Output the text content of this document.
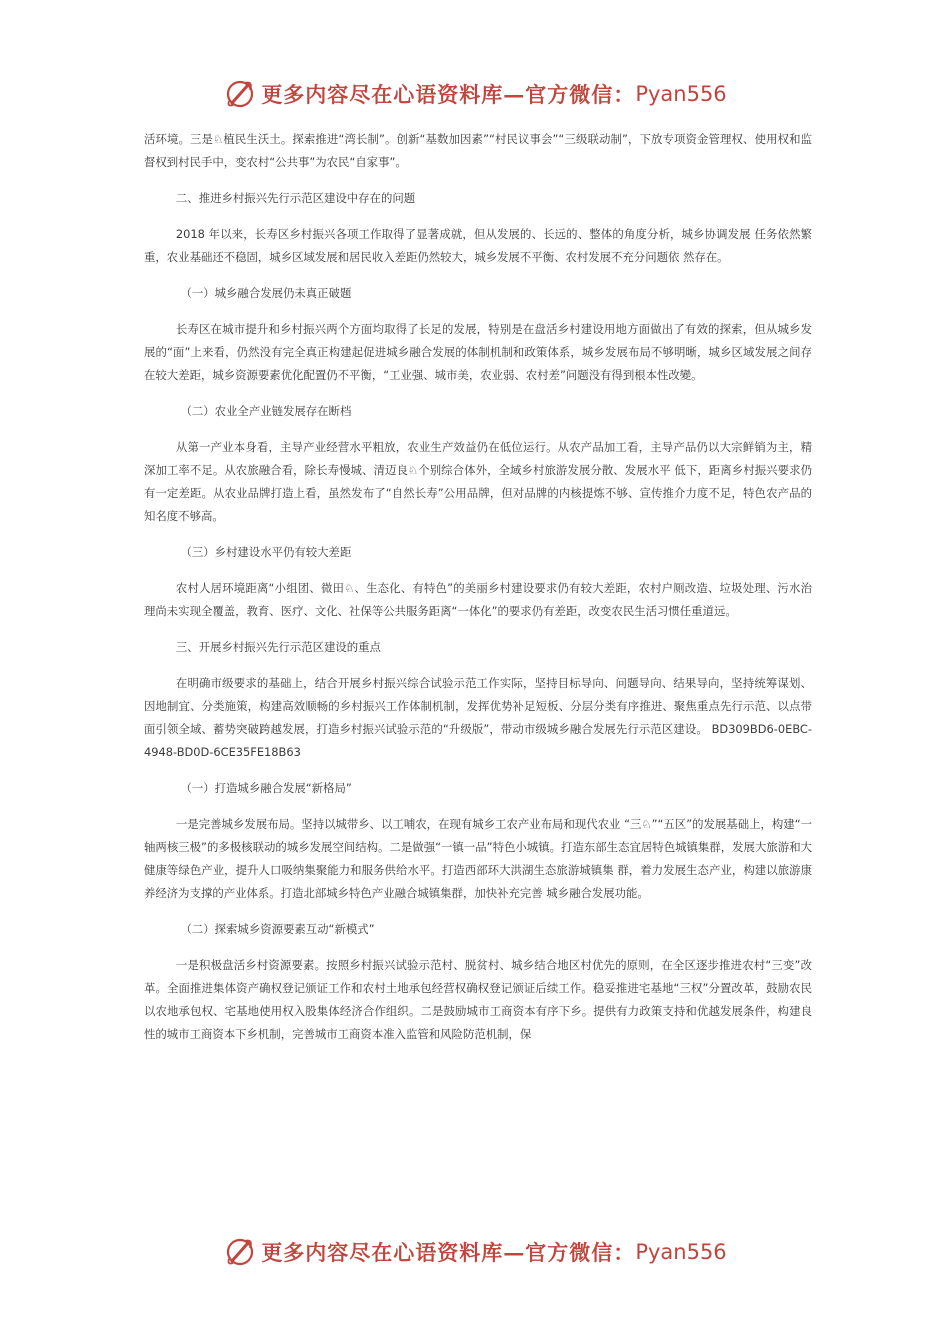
更多内容尽在心语资料库—官方微信： Pyan556

活环境。三是♘植民生沃土。探索推进“湾长制”。创新“基数加因素”“村民议事会”“三级联动制”，下放专项资金管理权、使用权和监督权到村民手中，变农村“公共事”为农民“自家事”。

二、推进乡村振兴先行示范区建设中存在的问题

2018 年以来，长寿区乡村振兴各项工作取得了显著成就，但从发展的、长远的、整体的角度分析，城乡协调发展 任务依然繁重，农业基础还不稳固，城乡区域发展和居民收入差距仍然较大，城乡发展不平衡、农村发展不充分问题依 然存在。

（一）城乡融合发展仍未真正破题

长寿区在城市提升和乡村振兴两个方面均取得了长足的发展，特别是在盘活乡村建设用地方面做出了有效的探索，但从城乡发展的“面”上来看，仍然没有完全真正构建起促进城乡融合发展的体制机制和政策体系，城乡发展布局不够明晰，城乡区域发展之间存在较大差距，城乡资源要素优化配置仍不平衡，“工业强、城市美，农业弱、农村差”问题没有得到根本性改變。

（二）农业全产业链发展存在断档

从第一产业本身看，主导产业经营水平粗放，农业生产效益仍在低位运行。从农产品加工看，主导产品仍以大宗鲜销为主，精深加工率不足。从农旅融合看，除长寿慢城、清迈良♘个别综合体外，全域乡村旅游发展分散、发展水平 低下，距离乡村振兴要求仍有一定差距。从农业品牌打造上看，虽然发布了“自然长寿”公用品牌，但对品牌的内核提炼不够、宣传推介力度不足，特色农产品的知名度不够高。

（三）乡村建设水平仍有较大差距

农村人居环境距离“小组团、微田♘、生态化、有特色”的美丽乡村建设要求仍有较大差距，农村户厕改造、垃圾处理、污水治理尚未实现全覆盖，教育、医疗、文化、社保等公共服务距离“一体化”的要求仍有差距，改变农民生活习惯任重道远。

三、开展乡村振兴先行示范区建设的重点

在明确市级要求的基础上，结合开展乡村振兴综合试验示范工作实际，坚持目标导向、问题导向、结果导向，坚持统筹谋划、因地制宜、分类施策，构建高效顺畅的乡村振兴工作体制机制，发挥优势补足短板、分层分类有序推进、聚焦重点先行示范、以点带面引领全域、蓄势突破跨越发展，打造乡村振兴试验示范的“升级版”，带动市级城乡融合发展先行示范区建设。 BD309BD6-0EBC-4948-BD0D-6CE35FE18B63

（一）打造城乡融合发展“新格局”

一是完善城乡发展布局。坚持以城带乡、以工哺农，在现有城乡工农产业布局和现代农业 “三♘”“五区”的发展基础上，构建“一轴两核三极”的多极核联动的城乡发展空间结构。二是做强“一镇一品”特色小城镇。打造东部生态宜居特色城镇集群，发展大旅游和大健康等绿色产业，提升人口吸纳集聚能力和服务供给水平。打造西部环大洪湖生态旅游城镇集 群，着力发展生态产业，构建以旅游康养经济为支撑的产业体系。打造北部城乡特色产业融合城镇集群，加快补充完善 城乡融合发展功能。

（二）探索城乡资源要素互动“新模式”

一是积极盘活乡村资源要素。按照乡村振兴试验示范村、脱贫村、城乡结合地区村优先的原则，在全区逐步推进农村“三变”改革。全面推进集体资产确权登记颁证工作和农村土地承包经营权确权登记颁证后续工作。稳妥推进宅基地“三权”分置改革，鼓励农民以农地承包权、宅基地使用权入股集体经济合作组织。二是鼓励城市工商资本有序下乡。提供有力政策支持和优越发展条件，构建良性的城市工商资本下乡机制，完善城市工商资本准入监管和风险防范机制，保

更多内容尽在心语资料库—官方微信： Pyan556
